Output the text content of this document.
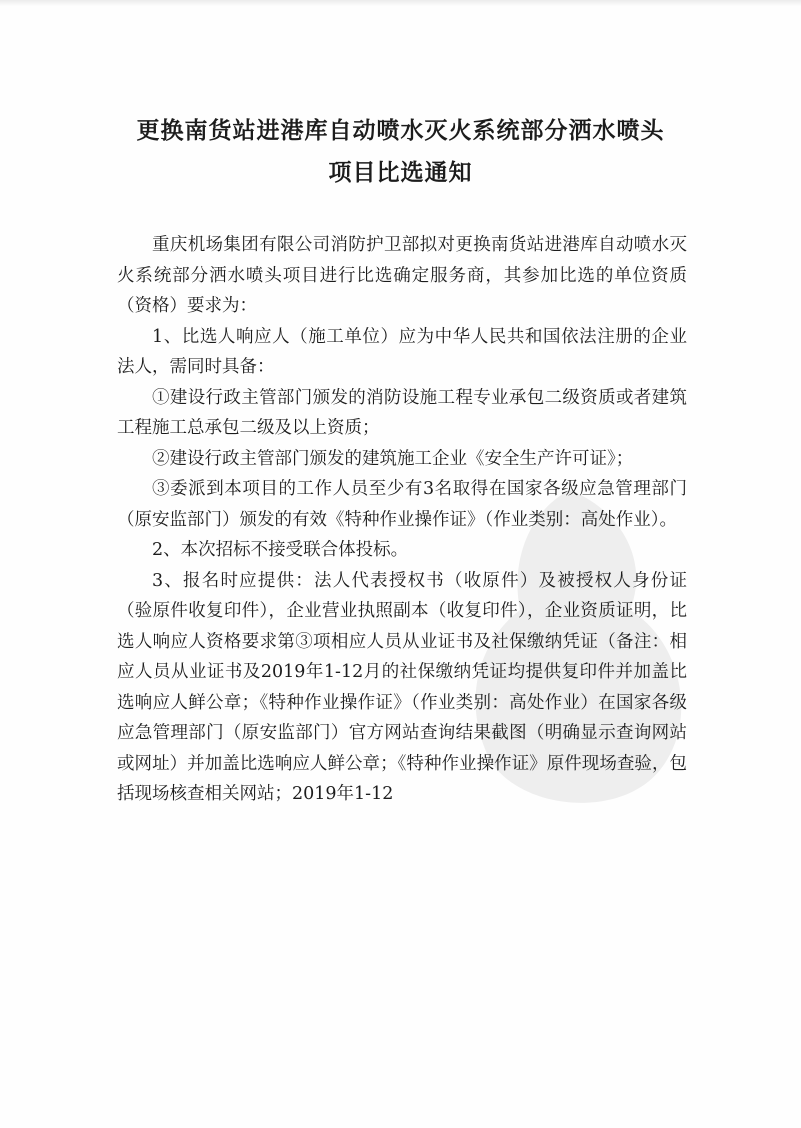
更换南货站进港库自动喷水灭火系统部分洒水喷头
项目比选通知

重庆机场集团有限公司消防护卫部拟对更换南货站进港库自动喷水灭火系统部分洒水喷头项目进行比选确定服务商，其参加比选的单位资质（资格）要求为：

1、比选人响应人（施工单位）应为中华人民共和国依法注册的企业法人，需同时具备：

①建设行政主管部门颁发的消防设施工程专业承包二级资质或者建筑工程施工总承包二级及以上资质；

②建设行政主管部门颁发的建筑施工企业《安全生产许可证》；

③委派到本项目的工作人员至少有3名取得在国家各级应急管理部门（原安监部门）颁发的有效《特种作业操作证》（作业类别：高处作业）。

2、本次招标不接受联合体投标。

3、报名时应提供：法人代表授权书（收原件）及被授权人身份证（验原件收复印件），企业营业执照副本（收复印件），企业资质证明，比选人响应人资格要求第③项相应人员从业证书及社保缴纳凭证（备注：相应人员从业证书及2019年1-12月的社保缴纳凭证均提供复印件并加盖比选响应人鲜公章；《特种作业操作证》（作业类别：高处作业）在国家各级应急管理部门（原安监部门）官方网站查询结果截图（明确显示查询网站或网址）并加盖比选响应人鲜公章；《特种作业操作证》原件现场查验，包括现场核查相关网站；2019年1-12
